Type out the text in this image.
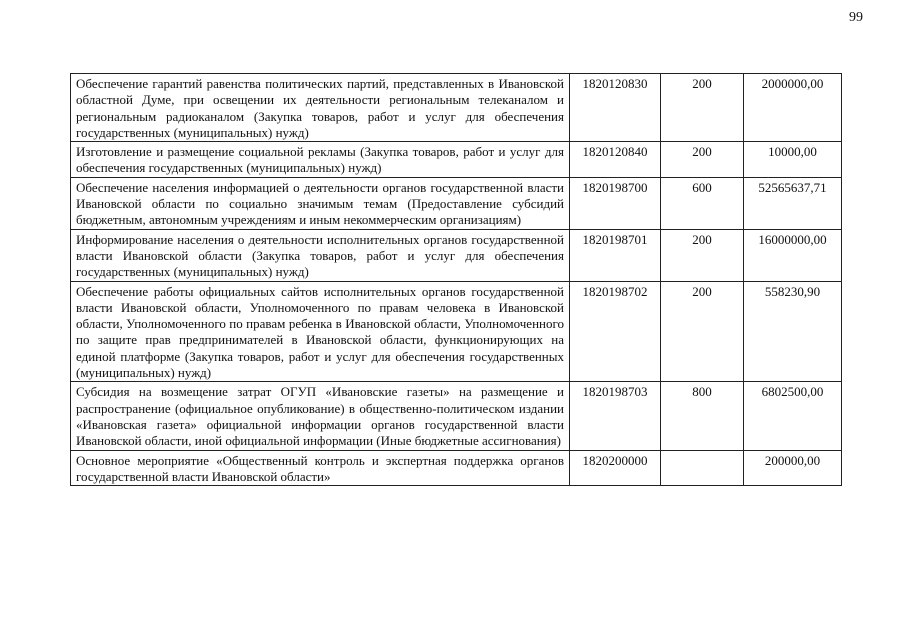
99
Обеспечение гарантий равенства политических партий, представленных в Ивановской областной Думе, при освещении их деятельности региональным телеканалом и региональным радиоканалом (Закупка товаров, работ и услуг для обеспечения государственных (муниципальных) нужд)	1820120830	200	2000000,00
Изготовление и размещение социальной рекламы (Закупка товаров, работ и услуг для обеспечения государственных (муниципальных) нужд)	1820120840	200	10000,00
Обеспечение населения информацией о деятельности органов государственной власти Ивановской области по социально значимым темам (Предоставление субсидий бюджетным, автономным учреждениям и иным некоммерческим организациям)	1820198700	600	52565637,71
Информирование населения о деятельности исполнительных органов государственной власти Ивановской области (Закупка товаров, работ и услуг для обеспечения государственных (муниципальных) нужд)	1820198701	200	16000000,00
Обеспечение работы официальных сайтов исполнительных органов государственной власти Ивановской области, Уполномоченного по правам человека в Ивановской области, Уполномоченного по правам ребенка в Ивановской области, Уполномоченного по защите прав предпринимателей в Ивановской области, функционирующих на единой платформе (Закупка товаров, работ и услуг для обеспечения государственных (муниципальных) нужд)	1820198702	200	558230,90
Субсидия на возмещение затрат ОГУП «Ивановские газеты» на размещение и распространение (официальное опубликование) в общественно-политическом издании «Ивановская газета» официальной информации органов государственной власти Ивановской области, иной официальной информации (Иные бюджетные ассигнования)	1820198703	800	6802500,00
Основное мероприятие «Общественный контроль и экспертная поддержка органов государственной власти Ивановской области»	1820200000		200000,00
